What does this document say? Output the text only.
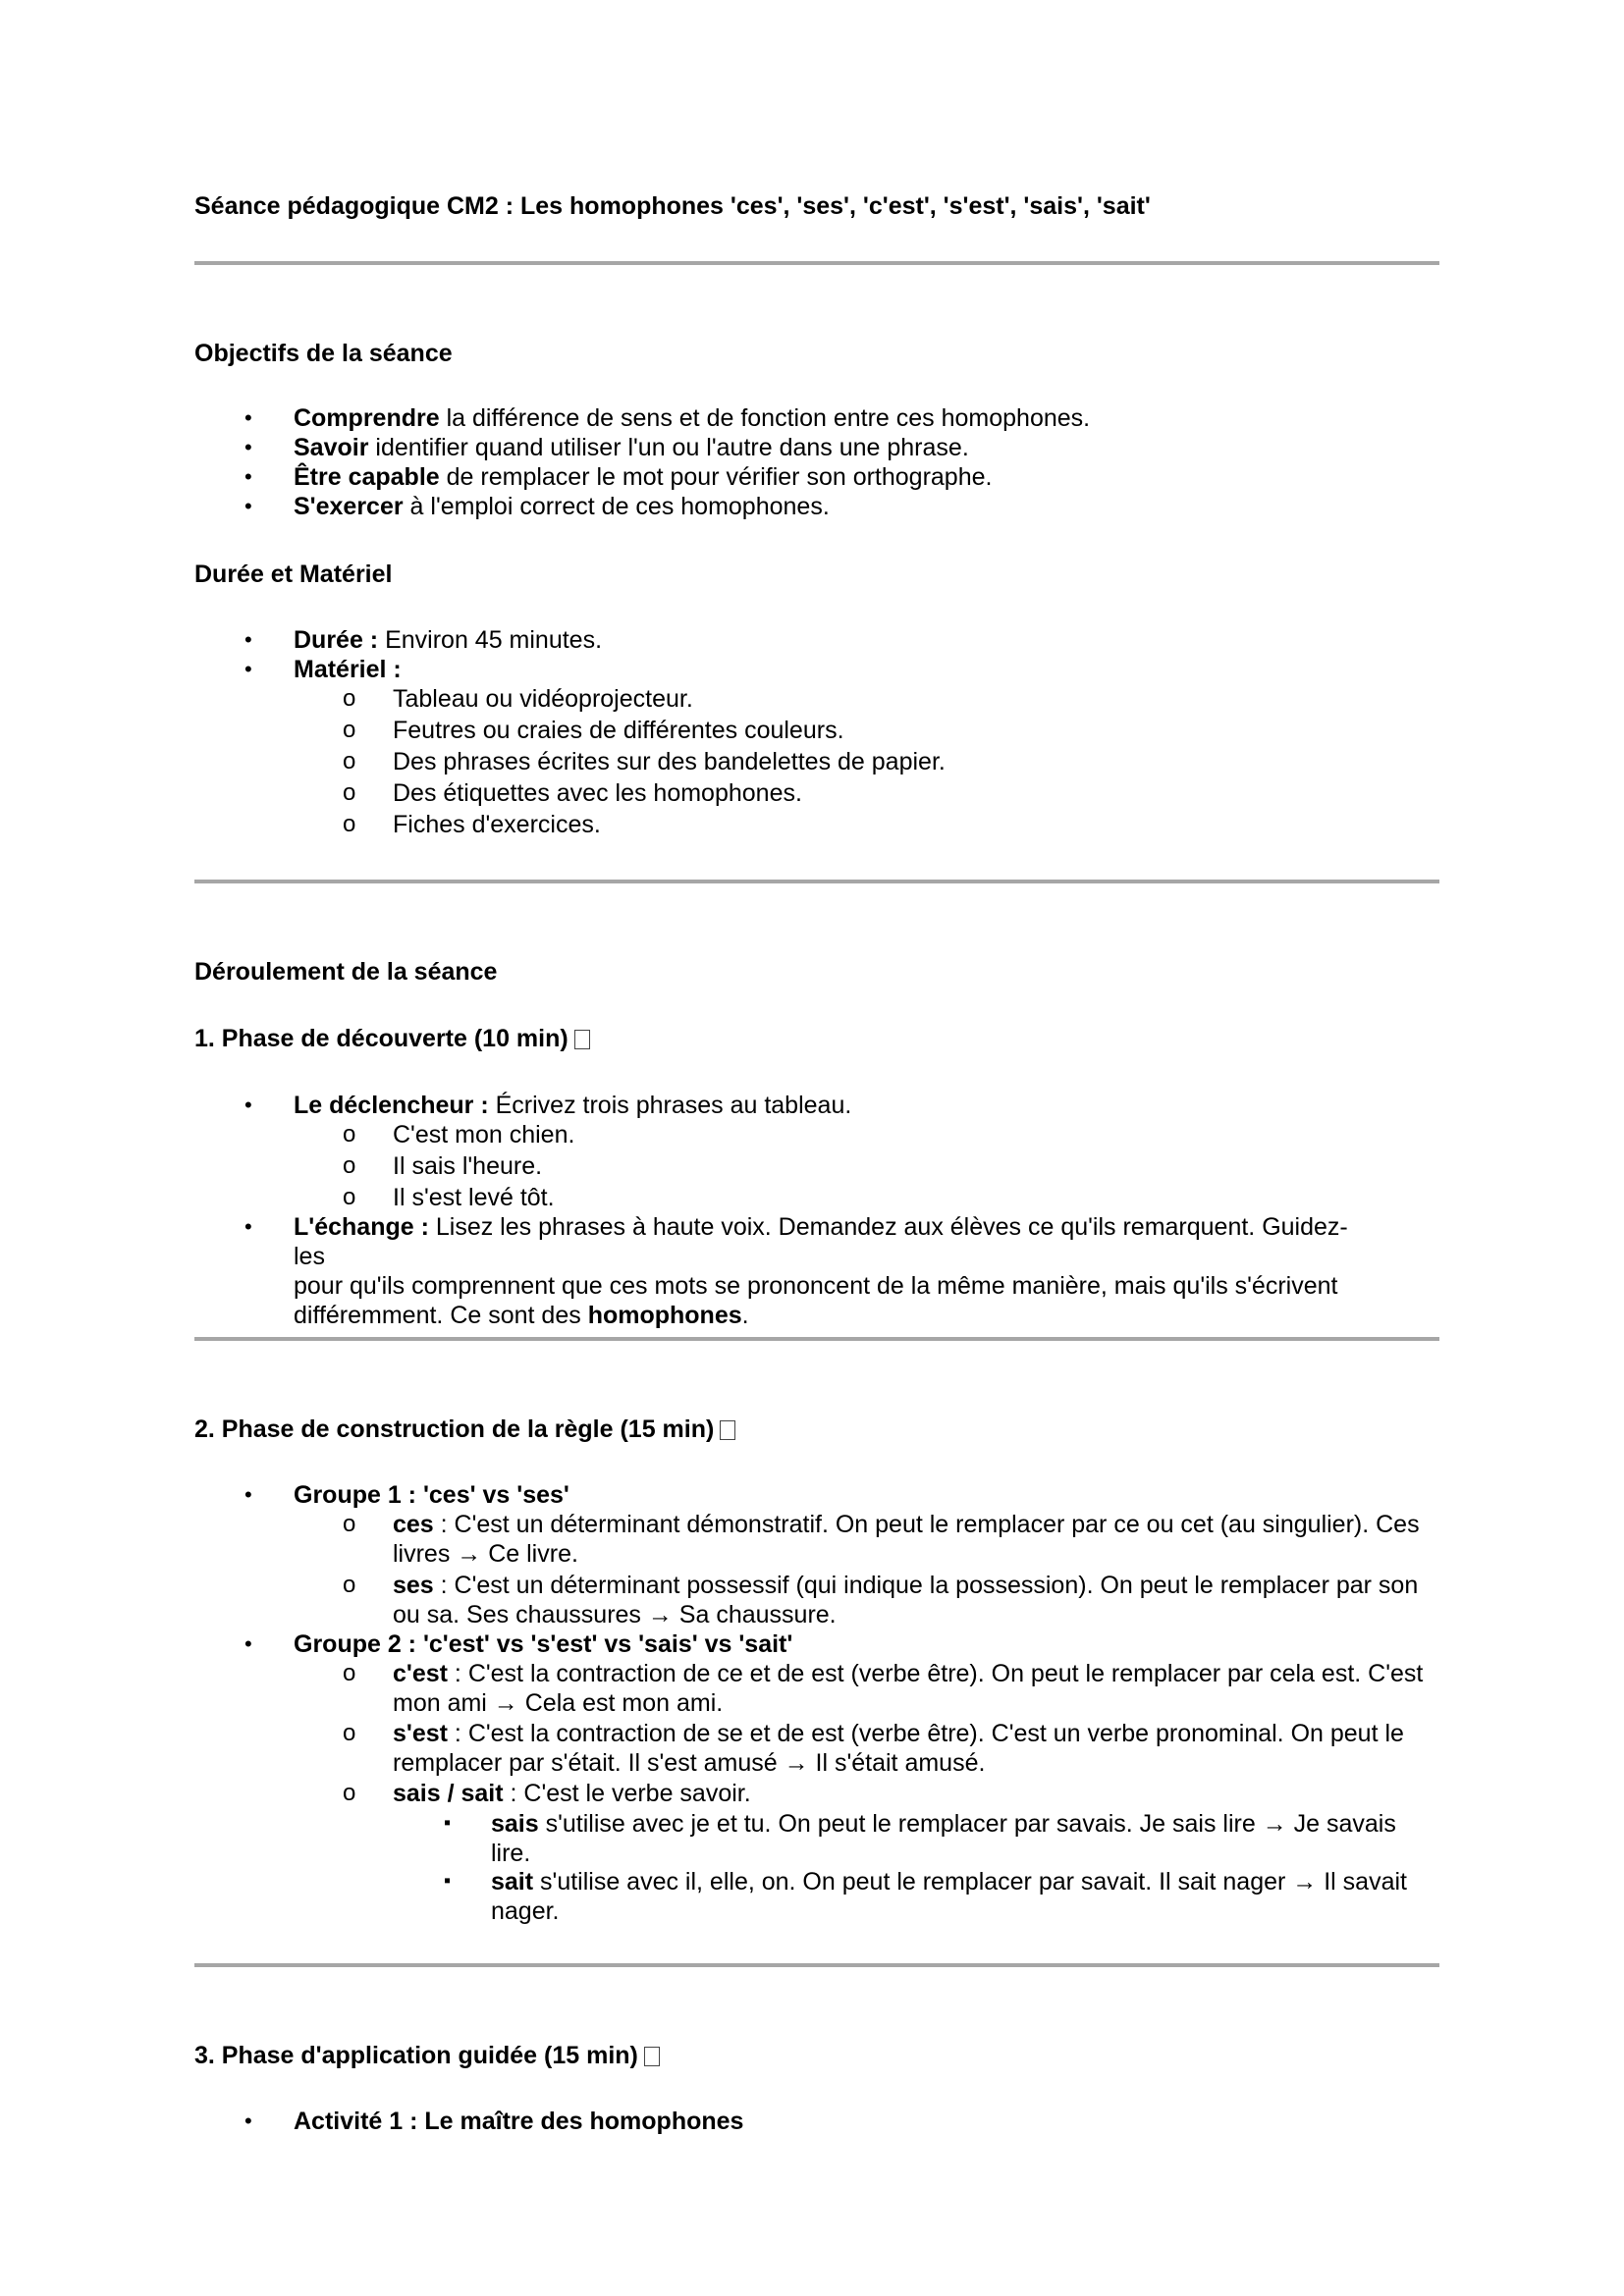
Séance pédagogique CM2 : Les homophones 'ces', 'ses', 'c'est', 's'est', 'sais', 'sait'
Objectifs de la séance
• Comprendre la différence de sens et de fonction entre ces homophones.
• Savoir identifier quand utiliser l'un ou l'autre dans une phrase.
• Être capable de remplacer le mot pour vérifier son orthographe.
• S'exercer à l'emploi correct de ces homophones.
Durée et Matériel
• Durée : Environ 45 minutes.
• Matériel :
o Tableau ou vidéoprojecteur.
o Feutres ou craies de différentes couleurs.
o Des phrases écrites sur des bandelettes de papier.
o Des étiquettes avec les homophones.
o Fiches d'exercices.
Déroulement de la séance
1. Phase de découverte (10 min)
• Le déclencheur : Écrivez trois phrases au tableau.
o C'est mon chien.
o Il sais l'heure.
o Il s'est levé tôt.
• L'échange : Lisez les phrases à haute voix. Demandez aux élèves ce qu'ils remarquent. Guidez-les
pour qu'ils comprennent que ces mots se prononcent de la même manière, mais qu'ils s'écrivent
différemment. Ce sont des homophones.
2. Phase de construction de la règle (15 min)
• Groupe 1 : 'ces' vs 'ses'
o ces : C'est un déterminant démonstratif. On peut le remplacer par ce ou cet (au singulier). Ces
livres → Ce livre.
o ses : C'est un déterminant possessif (qui indique la possession). On peut le remplacer par son
ou sa. Ses chaussures → Sa chaussure.
• Groupe 2 : 'c'est' vs 's'est' vs 'sais' vs 'sait'
o c'est : C'est la contraction de ce et de est (verbe être). On peut le remplacer par cela est. C'est
mon ami → Cela est mon ami.
o s'est : C'est la contraction de se et de est (verbe être). C'est un verbe pronominal. On peut le
remplacer par s'était. Il s'est amusé → Il s'était amusé.
o sais / sait : C'est le verbe savoir.
▪ sais s'utilise avec je et tu. On peut le remplacer par savais. Je sais lire → Je savais
lire.
▪ sait s'utilise avec il, elle, on. On peut le remplacer par savait. Il sait nager → Il savait
nager.
3. Phase d'application guidée (15 min)
• Activité 1 : Le maître des homophones
